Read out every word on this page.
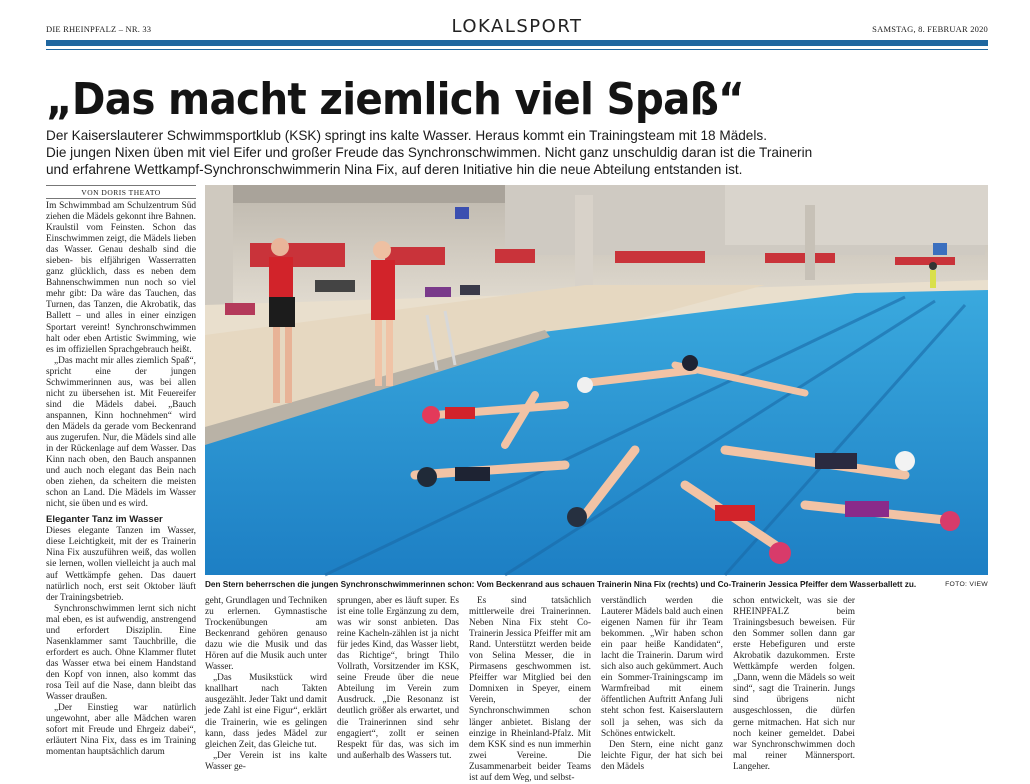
DIE RHEINPFALZ – NR. 33	LOKALSPORT	SAMSTAG, 8. FEBRUAR 2020
„Das macht ziemlich viel Spaß“
Der Kaiserslauterer Schwimmsportklub (KSK) springt ins kalte Wasser. Heraus kommt ein Trainingsteam mit 18 Mädels.
Die jungen Nixen üben mit viel Eifer und großer Freude das Synchronschwimmen. Nicht ganz unschuldig daran ist die Trainerin
und erfahrene Wettkampf-Synchronschwimmerin Nina Fix, auf deren Initiative hin die neue Abteilung entstanden ist.
VON DORIS THEATO

Im Schwimmbad am Schulzentrum Süd ziehen die Mädels gekonnt ihre Bahnen. Kraulstil vom Feinsten. Schon das Einschwimmen zeigt, die Mädels lieben das Wasser. Genau deshalb sind die sieben- bis elfjährigen Wasserratten ganz glücklich, dass es neben dem Bahnenschwimmen nun noch so viel mehr gibt: Da wäre das Tauchen, das Turnen, das Tanzen, die Akrobatik, das Ballett – und alles in einer einzigen Sportart vereint! Synchronschwimmen halt oder eben Artistic Swimming, wie es im offiziellen Sprachgebrauch heißt.

„Das macht mir alles ziemlich Spaß“, spricht eine der jungen Schwimmerinnen aus, was bei allen nicht zu übersehen ist. Mit Feuereifer sind die Mädels dabei. „Bauch anspannen, Kinn hochnehmen“ wird den Mädels da gerade vom Beckenrand aus zugerufen. Nur, die Mädels sind alle in der Rückenlage auf dem Wasser. Das Kinn nach oben, den Bauch anspannen und auch noch elegant das Bein nach oben ziehen, da scheitern die meisten schon an Land. Die Mädels im Wasser nicht, sie üben und es wird.

Eleganter Tanz im Wasser

Dieses elegante Tanzen im Wasser, diese Leichtigkeit, mit der es Trainerin Nina Fix auszuführen weiß, das wollen sie lernen, wollen vielleicht ja auch mal auf Wettkämpfe gehen. Das dauert natürlich noch, erst seit Oktober läuft der Trainingsbetrieb.

Synchronschwimmen lernt sich nicht mal eben, es ist aufwendig, anstrengend und erfordert Disziplin. Eine Nasenklammer samt Tauchbrille, die erfordert es auch. Ohne Klammer flutet das Wasser etwa bei einem Handstand den Kopf von innen, also kommt das rosa Teil auf die Nase, dann bleibt das Wasser draußen.

„Der Einstieg war natürlich ungewohnt, aber alle Mädchen waren sofort mit Freude und Ehrgeiz dabei“, erläutert Nina Fix, dass es im Training momentan hauptsächlich darum

Den Stern beherrschen die jungen Synchronschwimmerinnen schon: Vom Beckenrand aus schauen Trainerin Nina Fix (rechts) und Co-Trainerin Jessica Pfeiffer dem Wasserballett zu.	FOTO: VIEW

geht, Grundlagen und Techniken zu erlernen. Gymnastische Trockenübungen am Beckenrand gehören genauso dazu wie die Musik und das Hören auf die Musik auch unter Wasser.

„Das Musikstück wird knallhart nach Takten ausgezählt. Jeder Takt und damit jede Zahl ist eine Figur“, erklärt die Trainerin, wie es gelingen kann, dass jedes Mädel zur gleichen Zeit, das Gleiche tut.

„Der Verein ist ins kalte Wasser ge-

sprungen, aber es läuft super. Es ist eine tolle Ergänzung zu dem, was wir sonst anbieten. Das reine Kacheln-zählen ist ja nicht für jedes Kind, das Wasser liebt, das Richtige“, bringt Thilo Vollrath, Vorsitzender im KSK, seine Freude über die neue Abteilung im Verein zum Ausdruck. „Die Resonanz ist deutlich größer als erwartet, und die Trainerinnen sind sehr engagiert“, zollt er seinen Respekt für das, was sich im und außerhalb des Wassers tut.

Es sind tatsächlich mittlerweile drei Trainerinnen. Neben Nina Fix steht Co-Trainerin Jessica Pfeiffer mit am Rand. Unterstützt werden beide von Selina Messer, die in Pirmasens geschwommen ist. Pfeiffer war Mitglied bei den Domnixen in Speyer, einem Verein, der Synchronschwimmen schon länger anbietet. Bislang der einzige in Rheinland-Pfalz. Mit dem KSK sind es nun immerhin zwei Vereine. Die Zusammenarbeit beider Teams ist auf dem Weg, und selbst-

verständlich werden die Lauterer Mädels bald auch einen eigenen Namen für ihr Team bekommen. „Wir haben schon ein paar heiße Kandidaten“, lacht die Trainerin. Darum wird sich also auch gekümmert. Auch ein Sommer-Trainingscamp im Warmfreibad mit einem öffentlichen Auftritt Anfang Juli steht schon fest. Kaiserslautern soll ja sehen, was sich da Schönes entwickelt.

Den Stern, eine nicht ganz leichte Figur, der hat sich bei den Mädels

schon entwickelt, was sie der RHEINPFALZ beim Trainingsbesuch beweisen. Für den Sommer sollen dann gar erste Hebefiguren und erste Akrobatik dazukommen. Erste Wettkämpfe werden folgen. „Dann, wenn die Mädels so weit sind“, sagt die Trainerin. Jungs sind übrigens nicht ausgeschlossen, die dürfen gerne mitmachen. Hat sich nur noch keiner gemeldet. Dabei war Synchronschwimmen doch mal reiner Männersport. Langeher.
